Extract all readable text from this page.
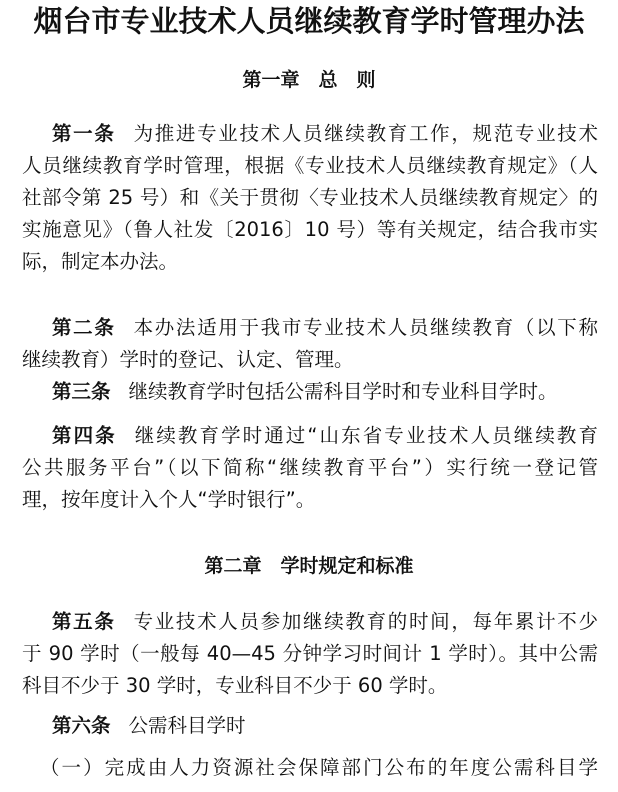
烟台市专业技术人员继续教育学时管理办法
第一章　总　则
第一条 为推进专业技术人员继续教育工作，规范专业技术
人员继续教育学时管理，根据《专业技术人员继续教育规定》（人
社部令第 25 号）和《关于贯彻〈专业技术人员继续教育规定〉的
实施意见》（鲁人社发〔2016〕10 号）等有关规定，结合我市实
际，制定本办法。
第二条 本办法适用于我市专业技术人员继续教育（以下称
继续教育）学时的登记、认定、管理。
第三条 继续教育学时包括公需科目学时和专业科目学时。
第四条 继续教育学时通过“山东省专业技术人员继续教育
公共服务平台”（以下简称“继续教育平台”）实行统一登记管
理，按年度计入个人“学时银行”。
第二章　学时规定和标准
第五条 专业技术人员参加继续教育的时间，每年累计不少
于 90 学时（一般每 40—45 分钟学习时间计 1 学时）。其中公需
科目不少于 30 学时，专业科目不少于 60 学时。
第六条 公需科目学时
（一）完成由人力资源社会保障部门公布的年度公需科目学
